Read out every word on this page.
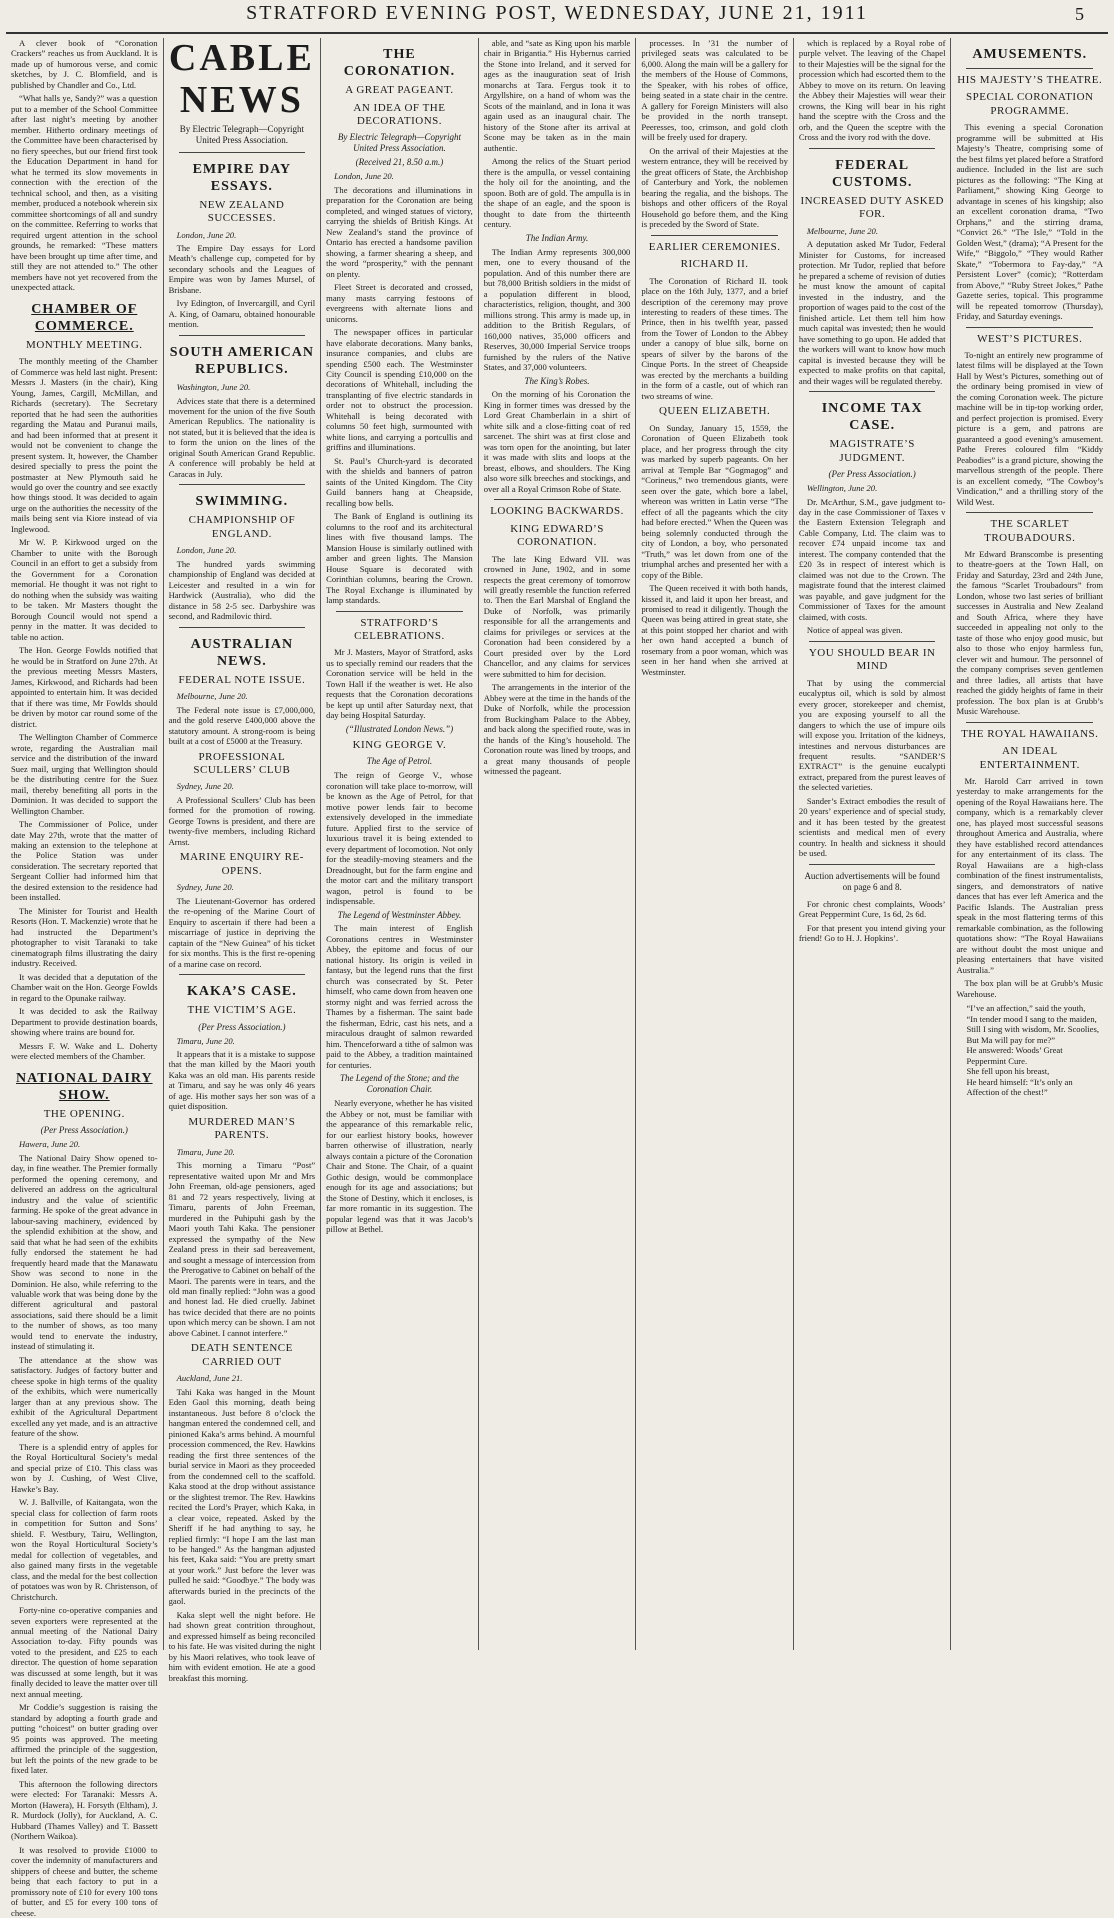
STRATFORD EVENING POST, WEDNESDAY, JUNE 21, 1911	5

A clever book of “Coronation Crackers” reaches us from Auckland. It is made up of humorous verse, and comic sketches, by J. C. Blomfield, and is published by Chandler and Co., Ltd.

“What halls ye, Sandy?” was a question put to a member of the School Committee after last night’s meeting by another member. Hitherto ordinary meetings of the Committee have been characterised by no fiery speeches, but our friend first took the Education Department in hand for what he termed its slow movements in connection with the erection of the technical school, and then, as a visiting member, produced a notebook wherein six committee shortcomings of all and sundry on the committee. Referring to works that required urgent attention in the school grounds, he remarked: “These matters have been brought up time after time, and still they are not attended to.” The other members have not yet recovered from the unexpected attack.

CHAMBER OF COMMERCE.
MONTHLY MEETING.

The monthly meeting of the Chamber of Commerce was held last night. Present: Messrs J. Masters (in the chair), King Young, James, Cargill, McMillan, and Richards (secretary). The Secretary reported that he had seen the authorities regarding the Matau and Puranui mails, and had been informed that at present it would not be convenient to change the present system. It, however, the Chamber desired specially to press the point the postmaster at New Plymouth said he would go over the country and see exactly how things stood. It was decided to again urge on the authorities the necessity of the mails being sent via Kiore instead of via Inglewood.

Mr W. P. Kirkwood urged on the Chamber to unite with the Borough Council in an effort to get a subsidy from the Government for a Coronation memorial. He thought it was not right to do nothing when the subsidy was waiting to be taken. Mr Masters thought the Borough Council would not spend a penny in the matter. It was decided to table no action.

The Hon. George Fowlds notified that he would be in Stratford on June 27th. At the previous meeting Messrs Masters, James, Kirkwood, and Richards had been appointed to entertain him. It was decided that if there was time, Mr Fowlds should be driven by motor car round some of the district.

The Wellington Chamber of Commerce wrote, regarding the Australian mail service and the distribution of the inward Suez mail, urging that Wellington should be the distributing centre for the Suez mail, thereby benefiting all ports in the Dominion. It was decided to support the Wellington Chamber.

The Commissioner of Police, under date May 27th, wrote that the matter of making an extension to the telephone at the Police Station was under consideration. The secretary reported that Sergeant Collier had informed him that the desired extension to the residence had been installed.

The Minister for Tourist and Health Resorts (Hon. T. Mackenzie) wrote that he had instructed the Department’s photographer to visit Taranaki to take cinematograph films illustrating the dairy industry. Received.

It was decided that a deputation of the Chamber wait on the Hon. George Fowlds in regard to the Opunake railway.

It was decided to ask the Railway Department to provide destination boards, showing where trains are bound for.

Messrs F. W. Wake and L. Doherty were elected members of the Chamber.

NATIONAL DAIRY SHOW.
THE OPENING.
(Per Press Association.)

Hawera, June 20.

The National Dairy Show opened to-day, in fine weather. The Premier formally performed the opening ceremony, and delivered an address on the agricultural industry and the value of scientific farming. He spoke of the great advance in labour-saving machinery, evidenced by the splendid exhibition at the show, and said that what he had seen of the exhibits fully endorsed the statement he had frequently heard made that the Manawatu Show was second to none in the Dominion. He also, while referring to the valuable work that was being done by the different agricultural and pastoral associations, said there should be a limit to the number of shows, as too many would tend to enervate the industry, instead of stimulating it.

The attendance at the show was satisfactory. Judges of factory butter and cheese spoke in high terms of the quality of the exhibits, which were numerically larger than at any previous show. The exhibit of the Agricultural Department excelled any yet made, and is an attractive feature of the show.

There is a splendid entry of apples for the Royal Horticultural Society’s medal and special prize of £10. This class was won by J. Cushing, of West Clive, Hawke’s Bay.

W. J. Ballville, of Kaitangata, won the special class for collection of farm roots in competition for Sutton and Sons’ shield. F. Westbury, Tairu, Wellington, won the Royal Horticultural Society’s medal for collection of vegetables, and also gained many firsts in the vegetable class, and the medal for the best collection of potatoes was won by R. Christenson, of Christchurch.

Forty-nine co-operative companies and seven exporters were represented at the annual meeting of the National Dairy Association to-day. Fifty pounds was voted to the president, and £25 to each director. The question of home separation was discussed at some length, but it was finally decided to leave the matter over till next annual meeting.

Mr Coddie’s suggestion is raising the standard by adopting a fourth grade and putting “choicest” on butter grading over 95 points was approved. The meeting affirmed the principle of the suggestion, but left the points of the new grade to be fixed later.

This afternoon the following directors were elected: For Taranaki: Messrs A. Morton (Hawera), H. Forsyth (Eltham), J. R. Murdock (Jolly), for Auckland, A. C. Hubbard (Thames Valley) and T. Bassett (Northern Waikoa).

It was resolved to provide £1000 to cover the indemnity of manufacturers and shippers of cheese and butter, the scheme being that each factory to put in a promissory note of £10 for every 100 tons of butter, and £5 for every 100 tons of cheese.

CABLE NEWS
By Electric Telegraph—Copyright United Press Association.
EMPIRE DAY ESSAYS.
NEW ZEALAND SUCCESSES.

London, June 20.

The Empire Day essays for Lord Meath’s challenge cup, competed for by secondary schools and the Leagues of Empire was won by James Mursel, of Brisbane.

Ivy Edington, of Invercargill, and Cyril A. King, of Oamaru, obtained honourable mention.

SOUTH AMERICAN REPUBLICS.

Washington, June 20.

Advices state that there is a determined movement for the union of the five South American Republics. The nationality is not stated, but it is believed that the idea is to form the union on the lines of the original South American Grand Republic. A conference will probably be held at Caracas in July.

SWIMMING.
CHAMPIONSHIP OF ENGLAND.

London, June 20.

The hundred yards swimming championship of England was decided at Leicester and resulted in a win for Hardwick (Australia), who did the distance in 58 2-5 sec. Darbyshire was second, and Radmilovic third.

AUSTRALIAN NEWS.
FEDERAL NOTE ISSUE.

Melbourne, June 20.

The Federal note issue is £7,000,000, and the gold reserve £400,000 above the statutory amount. A strong-room is being built at a cost of £5000 at the Treasury.

PROFESSIONAL SCULLERS’ CLUB

Sydney, June 20.

A Professional Scullers’ Club has been formed for the promotion of rowing. George Towns is president, and there are twenty-five members, including Richard Arnst.

MARINE ENQUIRY RE-OPENS.

Sydney, June 20.

The Lieutenant-Governor has ordered the re-opening of the Marine Court of Enquiry to ascertain if there had been a miscarriage of justice in depriving the captain of the “New Guinea” of his ticket for six months. This is the first re-opening of a marine case on record.

KAKA’S CASE.
THE VICTIM’S AGE.
(Per Press Association.)

Timaru, June 20.

It appears that it is a mistake to suppose that the man killed by the Maori youth Kaka was an old man. His parents reside at Timaru, and say he was only 46 years of age. His mother says her son was of a quiet disposition.

MURDERED MAN’S PARENTS.

Timaru, June 20.

This morning a Timaru “Post” representative waited upon Mr and Mrs John Freeman, old-age pensioners, aged 81 and 72 years respectively, living at Timaru, parents of John Freeman, murdered in the Puhipuhi gash by the Maori youth Tahi Kaka. The pensioner expressed the sympathy of the New Zealand press in their sad bereavement, and sought a message of intercession from the Prerogative to Cabinet on behalf of the Maori. The parents were in tears, and the old man finally replied: “John was a good and honest lad. He died cruelly. Jabinet has twice decided that there are no points upon which mercy can be shown. I am not above Cabinet. I cannot interfere.”

DEATH SENTENCE CARRIED OUT

Auckland, June 21.

Tahi Kaka was hanged in the Mount Eden Gaol this morning, death being instantaneous. Just before 8 o’clock the hangman entered the condemned cell, and pinioned Kaka’s arms behind. A mournful procession commenced, the Rev. Hawkins reading the first three sentences of the burial service in Maori as they proceeded from the condemned cell to the scaffold. Kaka stood at the drop without assistance or the slightest tremor. The Rev. Hawkins recited the Lord’s Prayer, which Kaka, in a clear voice, repeated. Asked by the Sheriff if he had anything to say, he replied firmly: “I hope I am the last man to be hanged.” As the hangman adjusted his feet, Kaka said: “You are pretty smart at your work.” Just before the lever was pulled he said: “Goodbye.” The body was afterwards buried in the precincts of the gaol.

Kaka slept well the night before. He had shown great contrition throughout, and expressed himself as being reconciled to his fate. He was visited during the night by his Maori relatives, who took leave of him with evident emotion. He ate a good breakfast this morning.

THE CORONATION.
A GREAT PAGEANT.
AN IDEA OF THE DECORATIONS.
By Electric Telegraph—Copyright United Press Association.
(Received 21, 8.50 a.m.)

London, June 20.

The decorations and illuminations in preparation for the Coronation are being completed, and winged statues of victory, carrying the shields of British Kings. At New Zealand’s stand the province of Ontario has erected a handsome pavilion showing, a farmer shearing a sheep, and the word “prosperity,” with the pennant on plenty.

Fleet Street is decorated and crossed, many masts carrying festoons of evergreens with alternate lions and unicorns.

The newspaper offices in particular have elaborate decorations. Many banks, insurance companies, and clubs are spending £500 each. The Westminster City Council is spending £10,000 on the decorations of Whitehall, including the transplanting of five electric standards in order not to obstruct the procession. Whitehall is being decorated with columns 50 feet high, surmounted with white lions, and carrying a portcullis and griffins and illuminations.

St. Paul’s Church-yard is decorated with the shields and banners of patron saints of the United Kingdom. The City Guild banners hang at Cheapside, recalling bow bells.

The Bank of England is outlining its columns to the roof and its architectural lines with five thousand lamps. The Mansion House is similarly outlined with amber and green lights. The Mansion House Square is decorated with Corinthian columns, bearing the Crown. The Royal Exchange is illuminated by lamp standards.

STRATFORD’S CELEBRATIONS.

Mr J. Masters, Mayor of Stratford, asks us to specially remind our readers that the Coronation service will be held in the Town Hall if the weather is wet. He also requests that the Coronation decorations be kept up until after Saturday next, that day being Hospital Saturday.

(“Illustrated London News.”)
KING GEORGE V.
The Age of Petrol.

The reign of George V., whose coronation will take place to-morrow, will be known as the Age of Petrol, for that motive power lends fair to become extensively developed in the immediate future. Applied first to the service of luxurious travel it is being extended to every department of locomotion. Not only for the steadily-moving steamers and the Dreadnought, but for the farm engine and the motor cart and the military transport wagon, petrol is found to be indispensable.

The Legend of Westminster Abbey.

The main interest of English Coronations centres in Westminster Abbey, the epitome and focus of our national history. Its origin is veiled in fantasy, but the legend runs that the first church was consecrated by St. Peter himself, who came down from heaven one stormy night and was ferried across the Thames by a fisherman. The saint bade the fisherman, Edric, cast his nets, and a miraculous draught of salmon rewarded him. Thenceforward a tithe of salmon was paid to the Abbey, a tradition maintained for centuries.

The Legend of the Stone; and the Coronation Chair.

Nearly everyone, whether he has visited the Abbey or not, must be familiar with the appearance of this remarkable relic, for our earliest history books, however barren otherwise of illustration, nearly always contain a picture of the Coronation Chair and Stone. The Chair, of a quaint Gothic design, would be commonplace enough for its age and associations; but the Stone of Destiny, which it encloses, is far more romantic in its suggestion. The popular legend was that it was Jacob’s pillow at Bethel.

able, and “sate as King upon his marble chair in Brigantia.” His Hybernus carried the Stone into Ireland, and it served for ages as the inauguration seat of Irish monarchs at Tara. Fergus took it to Argyllshire, on a hand of whom was the Scots of the mainland, and in Iona it was again used as an inaugural chair. The history of the Stone after its arrival at Scone may be taken as in the main authentic.

Among the relics of the Stuart period there is the ampulla, or vessel containing the holy oil for the anointing, and the spoon. Both are of gold. The ampulla is in the shape of an eagle, and the spoon is thought to date from the thirteenth century.

The Indian Army.

The Indian Army represents 300,000 men, one to every thousand of the population. And of this number there are but 78,000 British soldiers in the midst of a population different in blood, characteristics, religion, thought, and 300 millions strong. This army is made up, in addition to the British Regulars, of 160,000 natives, 35,000 officers and Reserves, 30,000 Imperial Service troops furnished by the rulers of the Native States, and 37,000 volunteers.

The King’s Robes.

On the morning of his Coronation the King in former times was dressed by the Lord Great Chamberlain in a shirt of white silk and a close-fitting coat of red sarcenet. The shirt was at first close and was torn open for the anointing, but later it was made with slits and loops at the breast, elbows, and shoulders. The King also wore silk breeches and stockings, and over all a Royal Crimson Robe of State.

LOOKING BACKWARDS.
KING EDWARD’S CORONATION.

The late King Edward VII. was crowned in June, 1902, and in some respects the great ceremony of tomorrow will greatly resemble the function referred to. Then the Earl Marshal of England the Duke of Norfolk, was primarily responsible for all the arrangements and claims for privileges or services at the Coronation had been considered by a Court presided over by the Lord Chancellor, and any claims for services were submitted to him for decision.

The arrangements in the interior of the Abbey were at the time in the hands of the Duke of Norfolk, while the procession from Buckingham Palace to the Abbey, and back along the specified route, was in the hands of the King’s household. The Coronation route was lined by troops, and a great many thousands of people witnessed the pageant.

processes. In ’31 the number of privileged seats was calculated to be 6,000. Along the main will be a gallery for the members of the House of Commons, the Speaker, with his robes of office, being seated in a state chair in the centre. A gallery for Foreign Ministers will also be provided in the north transept. Peeresses, too, crimson, and gold cloth will be freely used for drapery.

On the arrival of their Majesties at the western entrance, they will be received by the great officers of State, the Archbishop of Canterbury and York, the noblemen bearing the regalia, and the bishops. The bishops and other officers of the Royal Household go before them, and the King is preceded by the Sword of State.

EARLIER CEREMONIES.
RICHARD II.

The Coronation of Richard II. took place on the 16th July, 1377, and a brief description of the ceremony may prove interesting to readers of these times. The Prince, then in his twelfth year, passed from the Tower of London to the Abbey under a canopy of blue silk, borne on spears of silver by the barons of the Cinque Ports. In the street of Cheapside was erected by the merchants a building in the form of a castle, out of which ran two streams of wine.

QUEEN ELIZABETH.

On Sunday, January 15, 1559, the Coronation of Queen Elizabeth took place, and her progress through the city was marked by superb pageants. On her arrival at Temple Bar “Gogmagog” and “Corineus,” two tremendous giants, were seen over the gate, which bore a label, whereon was written in Latin verse “The effect of all the pageants which the city had before erected.” When the Queen was being solemnly conducted through the city of London, a boy, who personated “Truth,” was let down from one of the triumphal arches and presented her with a copy of the Bible.

The Queen received it with both hands, kissed it, and laid it upon her breast, and promised to read it diligently. Though the Queen was being attired in great state, she at this point stopped her chariot and with her own hand accepted a bunch of rosemary from a poor woman, which was seen in her hand when she arrived at Westminster.

which is replaced by a Royal robe of purple velvet. The leaving of the Chapel to their Majesties will be the signal for the procession which had escorted them to the Abbey to move on its return. On leaving the Abbey their Majesties will wear their crowns, the King will bear in his right hand the sceptre with the Cross and the orb, and the Queen the sceptre with the Cross and the ivory rod with the dove.

FEDERAL CUSTOMS.
INCREASED DUTY ASKED FOR.

Melbourne, June 20.

A deputation asked Mr Tudor, Federal Minister for Customs, for increased protection. Mr Tudor, replied that before he prepared a scheme of revision of duties he must know the amount of capital invested in the industry, and the proportion of wages paid to the cost of the finished article. Let them tell him how much capital was invested; then he would have something to go upon. He added that the workers will want to know how much capital is invested because they will be expected to make profits on that capital, and their wages will be regulated thereby.

INCOME TAX CASE.
MAGISTRATE’S JUDGMENT.
(Per Press Association.)

Wellington, June 20.

Dr. McArthur, S.M., gave judgment to-day in the case Commissioner of Taxes v the Eastern Extension Telegraph and Cable Company, Ltd. The claim was to recover £74 unpaid income tax and interest. The company contended that the £20 3s in respect of interest which is claimed was not due to the Crown. The magistrate found that the interest claimed was payable, and gave judgment for the Commissioner of Taxes for the amount claimed, with costs.

Notice of appeal was given.

YOU SHOULD BEAR IN MIND

That by using the commercial eucalyptus oil, which is sold by almost every grocer, storekeeper and chemist, you are exposing yourself to all the dangers to which the use of impure oils will expose you. Irritation of the kidneys, intestines and nervous disturbances are frequent results. “SANDER’S EXTRACT” is the genuine eucalypti extract, prepared from the purest leaves of the selected varieties.

Sander’s Extract embodies the result of 20 years’ experience and of special study, and it has been tested by the greatest scientists and medical men of every country. In health and sickness it should be used.

Auction advertisements will be found on page 6 and 8.

For chronic chest complaints, Woods’ Great Peppermint Cure, 1s 6d, 2s 6d.

For that present you intend giving your friend! Go to H. J. Hopkins’.

AMUSEMENTS.
HIS MAJESTY’S THEATRE.
SPECIAL CORONATION PROGRAMME.

This evening a special Coronation programme will be submitted at His Majesty’s Theatre, comprising some of the best films yet placed before a Stratford audience. Included in the list are such pictures as the following: “The King at Parliament,” showing King George to advantage in scenes of his kingship; also an excellent coronation drama, “Two Orphans,” and the stirring drama, “Convict 26.” “The Isle,” “Told in the Golden West,” (drama); “A Present for the Wife,” “Biggolo,” “They would Rather Skate,” “Tobermora to Fay-day,” “A Persistent Lover” (comic); “Rotterdam from Above,” “Ruby Street Jokes,” Pathe Gazette series, topical. This programme will be repeated tomorrow (Thursday), Friday, and Saturday evenings.

WEST’S PICTURES.

To-night an entirely new programme of latest films will be displayed at the Town Hall by West’s Pictures, something out of the ordinary being promised in view of the coming Coronation week. The picture machine will be in tip-top working order, and perfect projection is promised. Every picture is a gem, and patrons are guaranteed a good evening’s amusement. Pathe Freres coloured film “Kiddy Peabodies” is a grand picture, showing the marvellous strength of the people. There is an excellent comedy, “The Cowboy’s Vindication,” and a thrilling story of the Wild West.

THE SCARLET TROUBADOURS.

Mr Edward Branscombe is presenting to theatre-goers at the Town Hall, on Friday and Saturday, 23rd and 24th June, the famous “Scarlet Troubadours” from London, whose two last series of brilliant successes in Australia and New Zealand and South Africa, where they have succeeded in appealing not only to the taste of those who enjoy good music, but also to those who enjoy harmless fun, clever wit and humour. The personnel of the company comprises seven gentlemen and three ladies, all artists that have reached the giddy heights of fame in their profession. The box plan is at Grubb’s Music Warehouse.

THE ROYAL HAWAIIANS.
AN IDEAL ENTERTAINMENT.

Mr. Harold Carr arrived in town yesterday to make arrangements for the opening of the Royal Hawaiians here. The company, which is a remarkably clever one, has played most successful seasons throughout America and Australia, where they have established record attendances for any entertainment of its class. The Royal Hawaiians are a high-class combination of the finest instrumentalists, singers, and demonstrators of native dances that has ever left America and the Pacific Islands. The Australian press speak in the most flattering terms of this remarkable combination, as the following quotations show: “The Royal Hawaiians are without doubt the most unique and pleasing entertainers that have visited Australia.”

The box plan will be at Grubb’s Music Warehouse.

“I’ve an affection,” said the youth,
“In tender mood I sang to the maiden,
Still I sing with wisdom, Mr. Scoolies,
But Ma will pay for me?”
He answered: Woods’ Great Peppermint Cure.
She fell upon his breast,
He heard himself: “It’s only an
Affection of the chest!”
